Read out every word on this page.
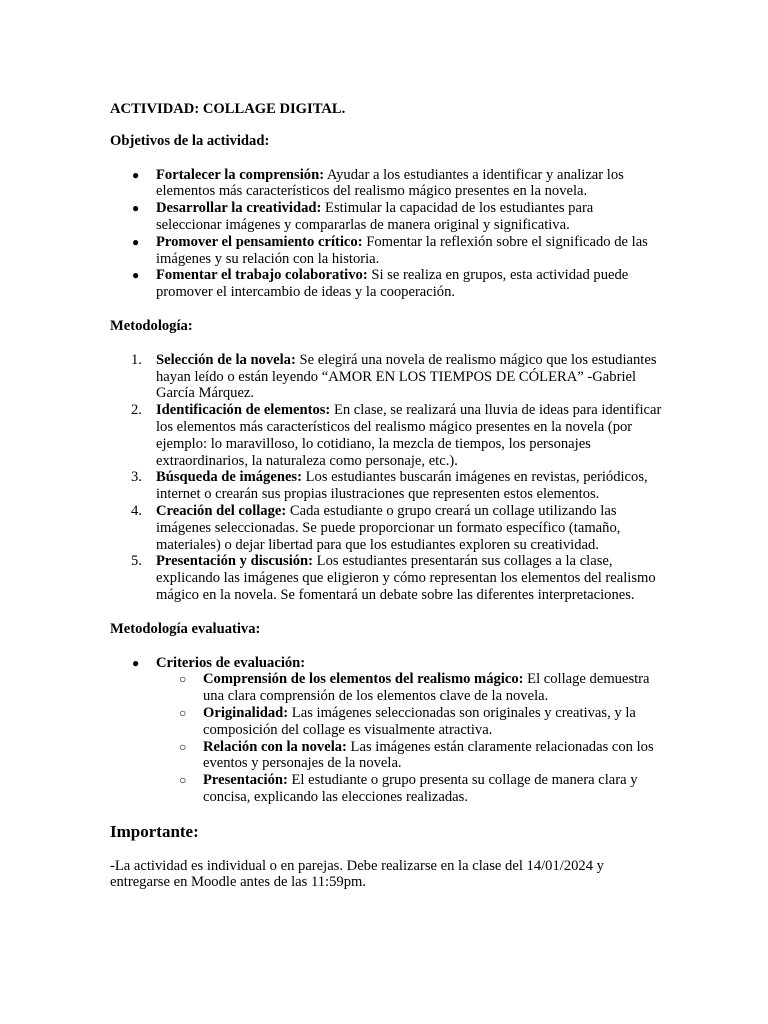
ACTIVIDAD: COLLAGE DIGITAL.
Objetivos de la actividad:
● Fortalecer la comprensión: Ayudar a los estudiantes a identificar y analizar los elementos más característicos del realismo mágico presentes en la novela.
● Desarrollar la creatividad: Estimular la capacidad de los estudiantes para seleccionar imágenes y compararlas de manera original y significativa.
● Promover el pensamiento crítico: Fomentar la reflexión sobre el significado de las imágenes y su relación con la historia.
● Fomentar el trabajo colaborativo: Si se realiza en grupos, esta actividad puede promover el intercambio de ideas y la cooperación.
Metodología:
1. Selección de la novela: Se elegirá una novela de realismo mágico que los estudiantes hayan leído o están leyendo “AMOR EN LOS TIEMPOS DE CÓLERA” -Gabriel García Márquez.
2. Identificación de elementos: En clase, se realizará una lluvia de ideas para identificar los elementos más característicos del realismo mágico presentes en la novela (por ejemplo: lo maravilloso, lo cotidiano, la mezcla de tiempos, los personajes extraordinarios, la naturaleza como personaje, etc.).
3. Búsqueda de imágenes: Los estudiantes buscarán imágenes en revistas, periódicos, internet o crearán sus propias ilustraciones que representen estos elementos.
4. Creación del collage: Cada estudiante o grupo creará un collage utilizando las imágenes seleccionadas. Se puede proporcionar un formato específico (tamaño, materiales) o dejar libertad para que los estudiantes exploren su creatividad.
5. Presentación y discusión: Los estudiantes presentarán sus collages a la clase, explicando las imágenes que eligieron y cómo representan los elementos del realismo mágico en la novela. Se fomentará un debate sobre las diferentes interpretaciones.
Metodología evaluativa:
● Criterios de evaluación:
○ Comprensión de los elementos del realismo mágico: El collage demuestra una clara comprensión de los elementos clave de la novela.
○ Originalidad: Las imágenes seleccionadas son originales y creativas, y la composición del collage es visualmente atractiva.
○ Relación con la novela: Las imágenes están claramente relacionadas con los eventos y personajes de la novela.
○ Presentación: El estudiante o grupo presenta su collage de manera clara y concisa, explicando las elecciones realizadas.
Importante:
-La actividad es individual o en parejas. Debe realizarse en la clase del 14/01/2024 y entregarse en Moodle antes de las 11:59pm.
